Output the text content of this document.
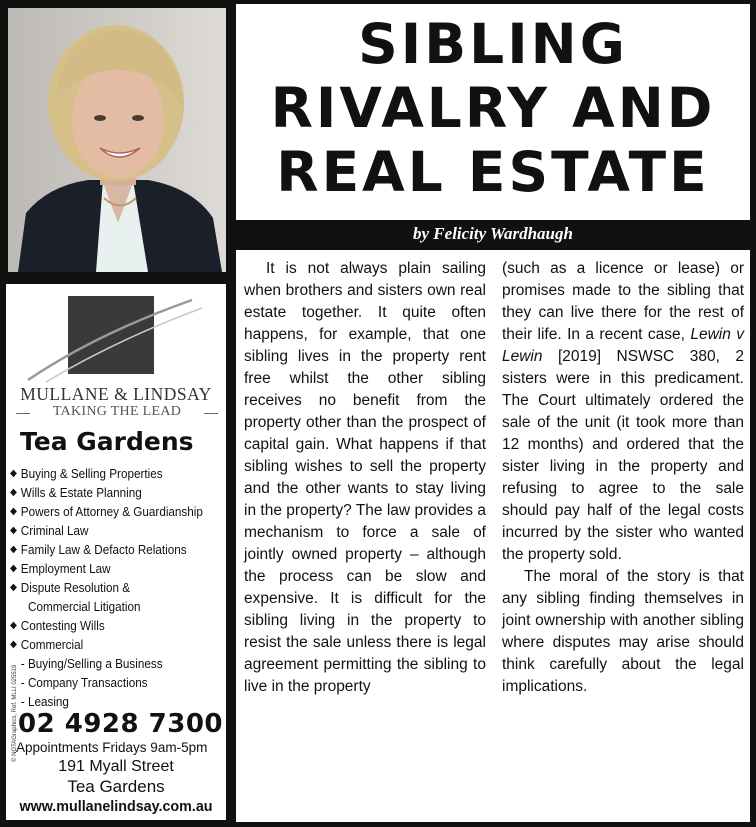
SIBLING
RIVALRY AND
REAL ESTATE
by Felicity Wardhaugh
MULLANE & LINDSAY
TAKING THE LEAD
Tea Gardens
◆ Buying & Selling Properties
◆ Wills & Estate Planning
◆ Powers of Attorney & Guardianship
◆ Criminal Law
◆ Family Law & Defacto Relations
◆ Employment Law
◆ Dispute Resolution &
Commercial Litigation
◆ Contesting Wills
◆ Commercial
- Buying/Selling a Business
- Company Transactions
- Leasing
© NOTAGraphics, Ref. MLLI 025519 02 4928 7300
Appointments Fridays 9am-5pm
191 Myall Street
Tea Gardens
www.mullanelindsay.com.au

It is not always plain sailing when brothers and sisters own real estate together. It quite often happens, for example, that one sibling lives in the property rent free whilst the other sibling receives no benefit from the property other than the prospect of capital gain. What happens if that sibling wishes to sell the property and the other wants to stay living in the property? The law provides a mechanism to force a sale of jointly owned property – although the process can be slow and expensive. It is difficult for the sibling living in the property to resist the sale unless there is legal agreement permitting the sibling to live in the property

(such as a licence or lease) or promises made to the sibling that they can live there for the rest of their life. In a recent case, Lewin v Lewin [2019] NSWSC 380, 2 sisters were in this predicament. The Court ultimately ordered the sale of the unit (it took more than 12 months) and ordered that the sister living in the property and refusing to agree to the sale should pay half of the legal costs incurred by the sister who wanted the property sold.

The moral of the story is that any sibling finding themselves in joint ownership with another sibling where disputes may arise should think carefully about the legal implications.
